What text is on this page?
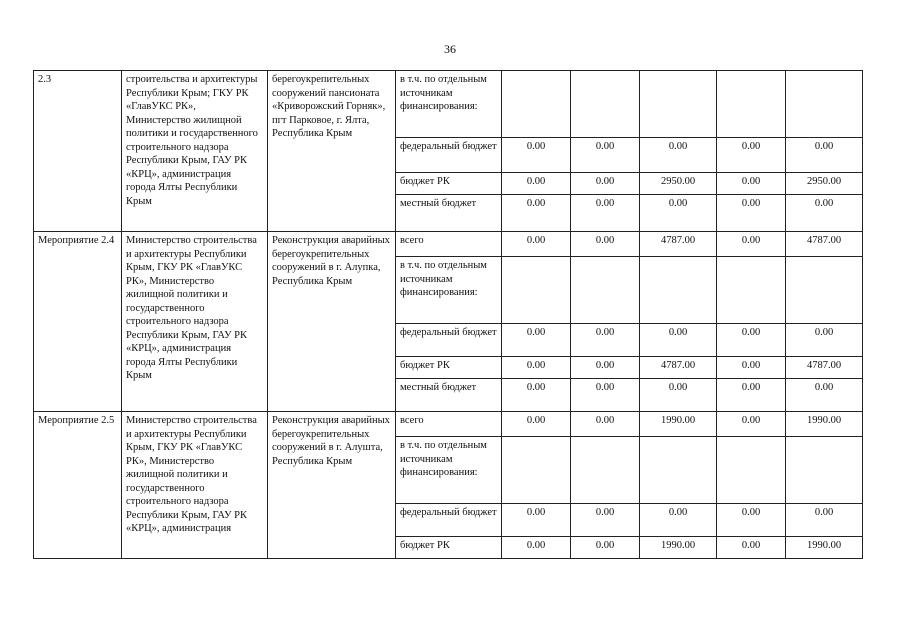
36
2.3	строительства и архитектуры Республики Крым; ГКУ РК «ГлавУКС РК», Министерство жилищной политики и государственного строительного надзора Республики Крым, ГАУ РК «КРЦ», администрация города Ялты Республики Крым	берегоукрепительных сооружений пансионата «Криворожский Горняк», пгт Парковое, г. Ялта, Республика Крым	в т.ч. по отдельным источникам финансирования:					
			федеральный бюджет	0.00	0.00	0.00	0.00	0.00
			бюджет РК	0.00	0.00	2950.00	0.00	2950.00
			местный бюджет	0.00	0.00	0.00	0.00	0.00
Мероприятие 2.4	Министерство строительства и архитектуры Республики Крым, ГКУ РК «ГлавУКС РК», Министерство жилищной политики и государственного строительного надзора Республики Крым, ГАУ РК «КРЦ», администрация города Ялты Республики Крым	Реконструкция аварийных берегоукрепительных сооружений в г. Алупка, Республика Крым	всего	0.00	0.00	4787.00	0.00	4787.00
			в т.ч. по отдельным источникам финансирования:					
			федеральный бюджет	0.00	0.00	0.00	0.00	0.00
			бюджет РК	0.00	0.00	4787.00	0.00	4787.00
			местный бюджет	0.00	0.00	0.00	0.00	0.00
Мероприятие 2.5	Министерство строительства и архитектуры Республики Крым, ГКУ РК «ГлавУКС РК», Министерство жилищной политики и государственного строительного надзора Республики Крым, ГАУ РК «КРЦ», администрация	Реконструкция аварийных берегоукрепительных сооружений в г. Алушта, Республика Крым	всего	0.00	0.00	1990.00	0.00	1990.00
			в т.ч. по отдельным источникам финансирования:					
			федеральный бюджет	0.00	0.00	0.00	0.00	0.00
			бюджет РК	0.00	0.00	1990.00	0.00	1990.00
